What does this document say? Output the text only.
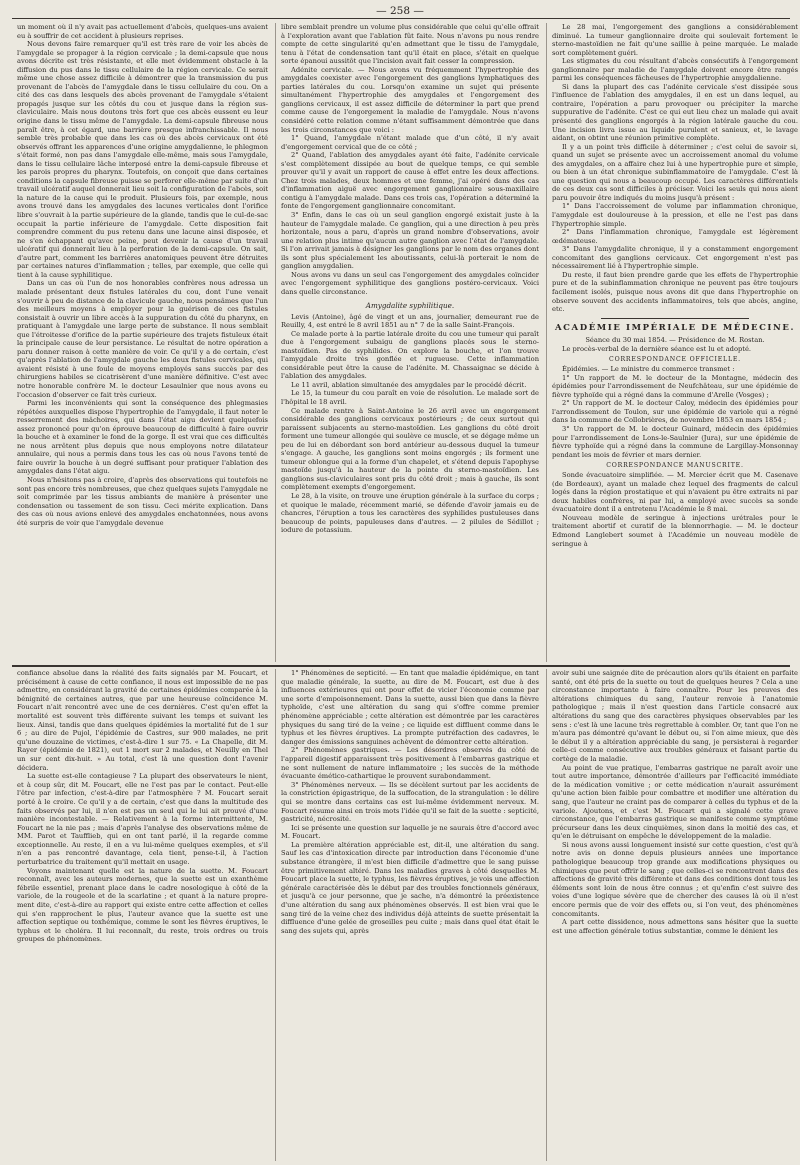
— 258 —

un moment où il n'y avait pas actuellement d'abcès, quelques-uns avaient eu à souffrir de cet accident à plusieurs reprises.

Nous devons faire remarquer qu'il est très rare de voir les abcès de l'amygdale se propager à la région cervicale ; la demi-capsule que nous avons décrite est très résistante, et elle met évidemment obstacle à la diffusion du pus dans le tissu cellulaire de la région cervicale. Ce serait même une chose assez difficile à démontrer que la transmission du pus provenant de l'abcès de l'amygdale dans le tissu cellulaire du cou. On a cité des cas dans lesquels des abcès provenant de l'amygdale s'étaient propagés jusque sur les côtés du cou et jusque dans la région sus-claviculaire. Mais nous doutons très fort que ces abcès eussent eu leur origine dans le tissu même de l'amygdale. La demi-capsule fibreuse nous paraît être, à cet égard, une barrière presque infranchissable. Il nous semble très probable que dans les cas où des abcès cervicaux ont été observés offrant les apparences d'une origine amygdalienne, le phlegmon s'était formé, non pas dans l'amygdale elle-même, mais sous l'amygdale, dans le tissu cellulaire lâche interposé entre la demi-capsule fibreuse et les parois propres du pharynx. Toutefois, on conçoit que dans certaines conditions la capsule fibreuse puisse se perforer elle-même par suite d'un travail ulcératif auquel donnerait lieu soit la configuration de l'abcès, soit la nature de la cause qui le produit. Plusieurs fois, par exemple, nous avons trouvé dans les amygdales des lacunes verticales dont l'orifice libre s'ouvrait à la partie supérieure de la glande, tandis que le cul-de-sac occupait la partie inférieure de l'amygdale. Cette disposition fait comprendre comment du pus retenu dans une lacune ainsi disposée, et ne s'en échappant qu'avec peine, peut devenir la cause d'un travail ulcératif qui donnerait lieu à la perforation de la demi-capsule. On sait, d'autre part, comment les barrières anatomiques peuvent être détruites par certaines natures d'inflammation ; telles, par exemple, que celle qui tient à la cause syphilitique.

Dans un cas où l'un de nos honorables confrères nous adressa un malade présentant deux fistules latérales du cou, dont l'une venait s'ouvrir à peu de distance de la clavicule gauche, nous pensâmes que l'un des meilleurs moyens à employer pour la guérison de ces fistules consistait à ouvrir un libre accès à la suppuration du côté du pharynx, en pratiquant à l'amygdale une large perte de substance. Il nous semblait que l'étroitesse d'orifice de la partie supérieure des trajets fistuleux était la principale cause de leur persistance. Le résultat de notre opération a paru donner raison à cette manière de voir. Ce qu'il y a de certain, c'est qu'après l'ablation de l'amygdale gauche les deux fistules cervicales, qui avaient résisté à une foule de moyens employés sans succès par des chirurgiens habiles se cicatrisèrent d'une manière définitive. C'est avec notre honorable confrère M. le docteur Lesaulnier que nous avons eu l'occasion d'observer ce fait très curieux.

Parmi les inconvénients qui sont la conséquence des phlegmasies répétées auxquelles dispose l'hypertrophie de l'amygdale, il faut noter le resserrement des mâchoires, qui dans l'état aigu devient quelquefois assez prononcé pour qu'on éprouve beaucoup de difficulté à faire ouvrir la bouche et à examiner le fond de la gorge. Il est vrai que ces difficultés ne nous arrêtent plus depuis que nous employons notre dilatateur annulaire, qui nous a permis dans tous les cas où nous l'avons tenté de faire ouvrir la bouche à un degré suffisant pour pratiquer l'ablation des amygdales dans l'état aigu.

Nous n'hésitons pas à croire, d'après des observations qui toutefois ne sont pas encore très nombreuses, que chez quelques sujets l'amygdale ne soit comprimée par les tissus ambiants de manière à présenter une condensation ou tassement de son tissu. Ceci mérite explication. Dans des cas où nous avions enlevé des amygdales enchatonnées, nous avons été surpris de voir que l'amygdale devenue

libre semblait prendre un volume plus considérable que celui qu'elle offrait à l'exploration avant que l'ablation fût faite. Nous n'avons pu nous rendre compte de cette singularité qu'en admettant que le tissu de l'amygdale, tenu à l'état de condensation tant qu'il était en place, s'était en quelque sorte épanoui aussitôt que l'incision avait fait cesser la compression.

Adénite cervicale. — Nous avons vu fréquemment l'hypertrophie des amygdales coexister avec l'engorgement des ganglions lymphatiques des parties latérales du cou. Lorsqu'on examine un sujet qui présente simultanément l'hypertrophie des amygdales et l'engorgement des ganglions cervicaux, il est assez difficile de déterminer la part que prend comme cause de l'engorgement la maladie de l'amygdale. Nous n'avons considéré cette relation comme n'étant suffisamment démontrée que dans les trois circonstances que voici :

1° Quand, l'amygdale n'étant malade que d'un côté, il n'y avait d'engorgement cervical que de ce côté ;

2° Quand, l'ablation des amygdales ayant été faite, l'adénite cervicale s'est complètement dissipée au bout de quelque temps, ce qui semble prouver qu'il y avait un rapport de cause à effet entre les deux affections. Chez trois malades, deux hommes et une femme, j'ai opéré dans des cas d'inflammation aiguë avec engorgement ganglionnaire sous-maxillaire contigu à l'amygdale malade. Dans ces trois cas, l'opération a déterminé la fonte de l'engorgement ganglionnaire concomitant.

3° Enfin, dans le cas où un seul ganglion engorgé existait juste à la hauteur de l'amygdale malade. Ce ganglion, qui a une direction à peu près horizontale, nous a paru, d'après un grand nombre d'observations, avoir une relation plus intime qu'aucun autre ganglion avec l'état de l'amygdale. Si l'on arrivait jamais à désigner les ganglions par le nom des organes dont ils sont plus spécialement les aboutissants, celui-là porterait le nom de ganglion amygdalien.

Nous avons vu dans un seul cas l'engorgement des amygdales coïncider avec l'engorgement syphilitique des ganglions postéro-cervicaux. Voici dans quelle circonstance.

Amygdalite syphilitique.

Levis (Antoine), âgé de vingt et un ans, journalier, demeurant rue de Reuilly, 4, est entré le 8 avril 1851 au n° 7 de la salle Saint-François.

Ce malade porte à la partie latérale droite du cou une tumeur qui paraît due à l'engorgement subaigu de ganglions placés sous le sterno-mastoïdien. Pas de syphilides. On explore la bouche, et l'on trouve l'amygdale droite très gonflée et rugueuse. Cette inflammation considérable peut être la cause de l'adénite. M. Chassaignac se décide à l'ablation des amygdales.

Le 11 avril, ablation simultanée des amygdales par le procédé décrit.

Le 15, la tumeur du cou paraît en voie de résolution. Le malade sort de l'hôpital le 18 avril.

Ce malade rentre à Saint-Antoine le 26 avril avec un engorgement considérable des ganglions cervicaux postérieurs ; de ceux surtout qui paraissent subjacents au sterno-mastoïdien. Les ganglions du côté droit forment une tumeur allongée qui soulève ce muscle, et se dégage même un peu de lui en débordant son bord antérieur au-dessous duquel la tumeur s'engage. A gauche, les ganglions sont moins engorgés ; ils forment une tumeur oblongue qui a la forme d'un chapelet, et s'étend depuis l'apophyse mastoïde jusqu'à la hauteur de la pointe du sterno-mastoïdien. Les ganglions sus-claviculaires sont pris du côté droit ; mais à gauche, ils sont complètement exempts d'engorgement.

Le 28, à la visite, on trouve une éruption générale à la surface du corps ; et quoique le malade, récemment marié, se défende d'avoir jamais eu de chancres, l'éruption a tous les caractères des syphilides pustuleuses dans beaucoup de points, papuleuses dans d'autres. — 2 pilules de Sédillot ; iodure de potassium.

Le 28 mai, l'engorgement des ganglions a considérablement diminué. La tumeur ganglionnaire droite qui soulevait fortement le sterno-mastoïdien ne fait qu'une saillie à peine marquée. Le malade sort complètement guéri.

Les stigmates du cou résultant d'abcès consécutifs à l'engorgement ganglionnaire par maladie de l'amygdale doivent encore être rangés parmi les conséquences fâcheuses de l'hypertrophie amygdalienne.

Si dans la plupart des cas l'adénite cervicale s'est dissipée sous l'influence de l'ablation des amygdales, il en est un dans lequel, au contraire, l'opération a paru provoquer ou précipiter la marche suppurative de l'adénite. C'est ce qui eut lieu chez un malade qui avait présenté des ganglions engorgés à la région latérale gauche du cou. Une incision livra issue au liquide purulent et sanieux, et, le lavage aidant, on obtint une réunion primitive complète.

Il y a un point très difficile à déterminer ; c'est celui de savoir si, quand un sujet se présente avec un accroissement anomal du volume des amygdales, on a affaire chez lui à une hypertrophie pure et simple, ou bien à un état chronique subinflammatoire de l'amygdale. C'est là une question qui nous a beaucoup occupé. Les caractères différentiels de ces deux cas sont difficiles à préciser. Voici les seuls qui nous aient paru pouvoir être indiqués du moins jusqu'à présent :

1° Dans l'accroissement de volume par inflammation chronique, l'amygdale est douloureuse à la pression, et elle ne l'est pas dans l'hypertrophie simple.

2° Dans l'inflammation chronique, l'amygdale est légèrement œdémateuse.

3° Dans l'amygdalite chronique, il y a constamment engorgement concomitant des ganglions cervicaux. Cet engorgement n'est pas nécessairement lié à l'hypertrophie simple.

Du reste, il faut bien prendre garde que les effets de l'hypertrophie pure et de la subinflammation chronique ne peuvent pas être toujours facilement isolés, puisque nous avons dit que dans l'hypertrophie on observe souvent des accidents inflammatoires, tels que abcès, angine, etc.

ACADÉMIE IMPÉRIALE DE MÉDECINE.
Séance du 30 mai 1854. — Présidence de M. Rostan.

Le procès-verbal de la dernière séance est lu et adopté.

CORRESPONDANCE OFFICIELLE.

Épidémies. — Le ministre du commerce transmet :

1° Un rapport de M. le docteur de la Montagne, médecin des épidémies pour l'arrondissement de Neufchâteau, sur une épidémie de fièvre typhoïde qui a régné dans la commune d'Arelle (Vosges) ;

2° Un rapport de M. le docteur Caloy, médecin des épidémies pour l'arrondissement de Toulon, sur une épidémie de variole qui a régné dans la commune de Collobrières, de novembre 1853 en mars 1854 ;

3° Un rapport de M. le docteur Guinard, médecin des épidémies pour l'arrondissement de Lons-le-Saulnier (Jura), sur une épidémie de fièvre typhoïde qui a régné dans la commune de Largillay-Monsonnay pendant les mois de février et mars dernier.

CORRESPONDANCE MANUSCRITE.

Sonde évacuatoire simplifiée. — M. Mercier écrit que M. Casenave (de Bordeaux), ayant un malade chez lequel des fragments de calcul logés dans la région prostatique et qui n'avaient pu être extraits ni par deux habiles confrères, ni par lui, a employé avec succès sa sonde évacuatoire dont il a entretenu l'Académie le 8 mai.

Nouveau modèle de seringue à injections urétrales pour le traitement abortif et curatif de la blennorrhagie. — M. le docteur Edmond Langlebert soumet à l'Académie un nouveau modèle de seringue à

confiance absolue dans la réalité des faits signalés par M. Foucart, et précisément à cause de cette confiance, il nous est impossible de ne pas admettre, en considérant la gravité de certaines épidémies comparée à la bénignité de certaines autres, que par une heureuse coïncidence M. Foucart n'ait rencontré avec une de ces dernières. C'est qu'en effet la mortalité est souvent très différente suivant les temps et suivant les lieux. Ainsi, tandis que dans quelques épidémies la mortalité fut de 1 sur 6 ; au dire de Pujol, l'épidémie de Castres, sur 900 malades, ne prit qu'une douzaine de victimes, c'est-à-dire 1 sur 75. « La Chapelle, dit M. Rayer (épidémie de 1821), eut 1 mort sur 2 malades, et Neuilly en Thel un sur cent dix-huit. » Au total, c'est là une question dont l'avenir décidera.

La suette est-elle contagieuse ? La plupart des observateurs le nient, et à coup sûr, dit M. Foucart, elle ne l'est pas par le contact. Peut-elle l'être par infection, c'est-à-dire par l'atmosphère ? M. Foucart serait porté à le croire. Ce qu'il y a de certain, c'est que dans la multitude des faits observés par lui, il n'en est pas un seul qui le lui ait prouvé d'une manière incontestable. — Relativement à la forme intermittente, M. Foucart ne la nie pas ; mais d'après l'analyse des observations même de MM. Parot et Taufflieb, qui en ont tant parlé, il la regarde comme exceptionnelle. Au reste, il en a vu lui-même quelques exemples, et s'il n'en a pas rencontré davantage, cela tient, pense-t-il, à l'action perturbatrice du traitement qu'il mettait en usage.

Voyons maintenant quelle est la nature de la suette. M. Foucart reconnaît, avec les auteurs modernes, que la suette est un exanthème fébrile essentiel, prenant place dans le cadre nosologique à côté de la variole, de la rougeole et de la scarlatine ; et quant à la nature propre-ment dite, c'est-à-dire au rapport qui existe entre cette affection et celles qui s'en rapprochent le plus, l'auteur avance que la suette est une affection septique ou toxhémique, comme le sont les fièvres éruptives, le typhus et le choléra. Il lui reconnaît, du reste, trois ordres ou trois groupes de phénomènes.

1° Phénomènes de septicité. — En tant que maladie épidémique, en tant que maladie générale, la suette, au dire de M. Foucart, est due à des influences extérieures qui ont pour effet de vicier l'économie comme par une sorte d'empoisonnement. Dans la suette, aussi bien que dans la fièvre typhoïde, c'est une altération du sang qui s'offre comme premier phénomène appréciable ; cette altération est démontrée par les caractères physiques du sang tiré de la veine ; ce liquide est diffluent comme dans le typhus et les fièvres éruptives. La prompte putréfaction des cadavres, le danger des émissions sanguines achèvent de démontrer cette altération.

2° Phénomènes gastriques. — Les désordres observés du côté de l'appareil digestif apparaissent très positivement à l'embarras gastrique et ne sont nullement de nature inflammatoire ; les succès de la méthode évacuante émético-cathartique le prouvent surabondamment.

3° Phénomènes nerveux. — Ils se décèlent surtout par les accidents de la constriction épigastrique, de la suffocation, de la strangulation : le délire qui se montre dans certains cas est lui-même évidemment nerveux. M. Foucart résume ainsi en trois mots l'idée qu'il se fait de la suette : septicité, gastricité, nécrosité.

Ici se présente une question sur laquelle je ne saurais être d'accord avec M. Foucart.

La première altération appréciable est, dit-il, une altération du sang. Sauf les cas d'intoxication directe par introduction dans l'économie d'une substance étrangère, il m'est bien difficile d'admettre que le sang puisse être primitivement altéré. Dans les maladies graves à côté desquelles M. Foucart place la suette, le typhus, les fièvres éruptives, je vois une affection générale caractérisée dès le début par des troubles fonctionnels généraux, et jusqu'à ce jour personne, que je sache, n'a démontré la préexistence d'une altération du sang aux phénomènes observés. Il est bien vrai que le sang tiré de la veine chez des individus déjà atteints de suette présentait la diffluence d'une gelée de groseilles peu cuite ; mais dans quel état était le sang des sujets qui, après

avoir subi une saignée dite de précaution alors qu'ils étaient en parfaite santé, ont été pris de la suette ou tout de quelques heures ? Cela a une circonstance importante à faire connaître. Pour les preuves des altérations chimiques du sang, l'auteur renvoie à l'anatomie pathologique ; mais il n'est question dans l'article consacré aux altérations du sang que des caractères physiques observables par les sens : c'est là une lacune très regrettable à combler. Or, tant que l'on ne m'aura pas démontré qu'avant le début ou, si l'on aime mieux, que dès le début il y a altération appréciable du sang, je persisterai à regarder celle-ci comme consécutive aux troubles généraux et faisant partie du cortège de la maladie.

Au point de vue pratique, l'embarras gastrique ne paraît avoir une tout autre importance, démontrée d'ailleurs par l'efficacité immédiate de la médication vomitive ; or cette médication n'aurait assurément qu'une action bien faible pour combattre et modifier une altération du sang, que l'auteur ne craint pas de comparer à celles du typhus et de la variole. Ajoutons, et c'est M. Foucart qui a signalé cette grave circonstance, que l'embarras gastrique se manifeste comme symptôme précurseur dans les deux cinquièmes, sinon dans la moitié des cas, et qu'en le détruisant on empêche le développement de la maladie.

Si nous avons aussi longuement insisté sur cette question, c'est qu'à notre avis on donne depuis plusieurs années une importance pathologique beaucoup trop grande aux modifications physiques ou chimiques que peut offrir le sang ; que celles-ci se rencontrent dans des affections de gravité très différente et dans des conditions dont tous les éléments sont loin de nous être connus ; et qu'enfin c'est suivre des voies d'une logique sévère que de chercher des causes là où il n'est encore permis que de voir des effets ou, si l'on veut, des phénomènes concomitants.

A part cette dissidence, nous admettons sans hésiter que la suette est une affection générale totius substantiæ, comme le dénient les
